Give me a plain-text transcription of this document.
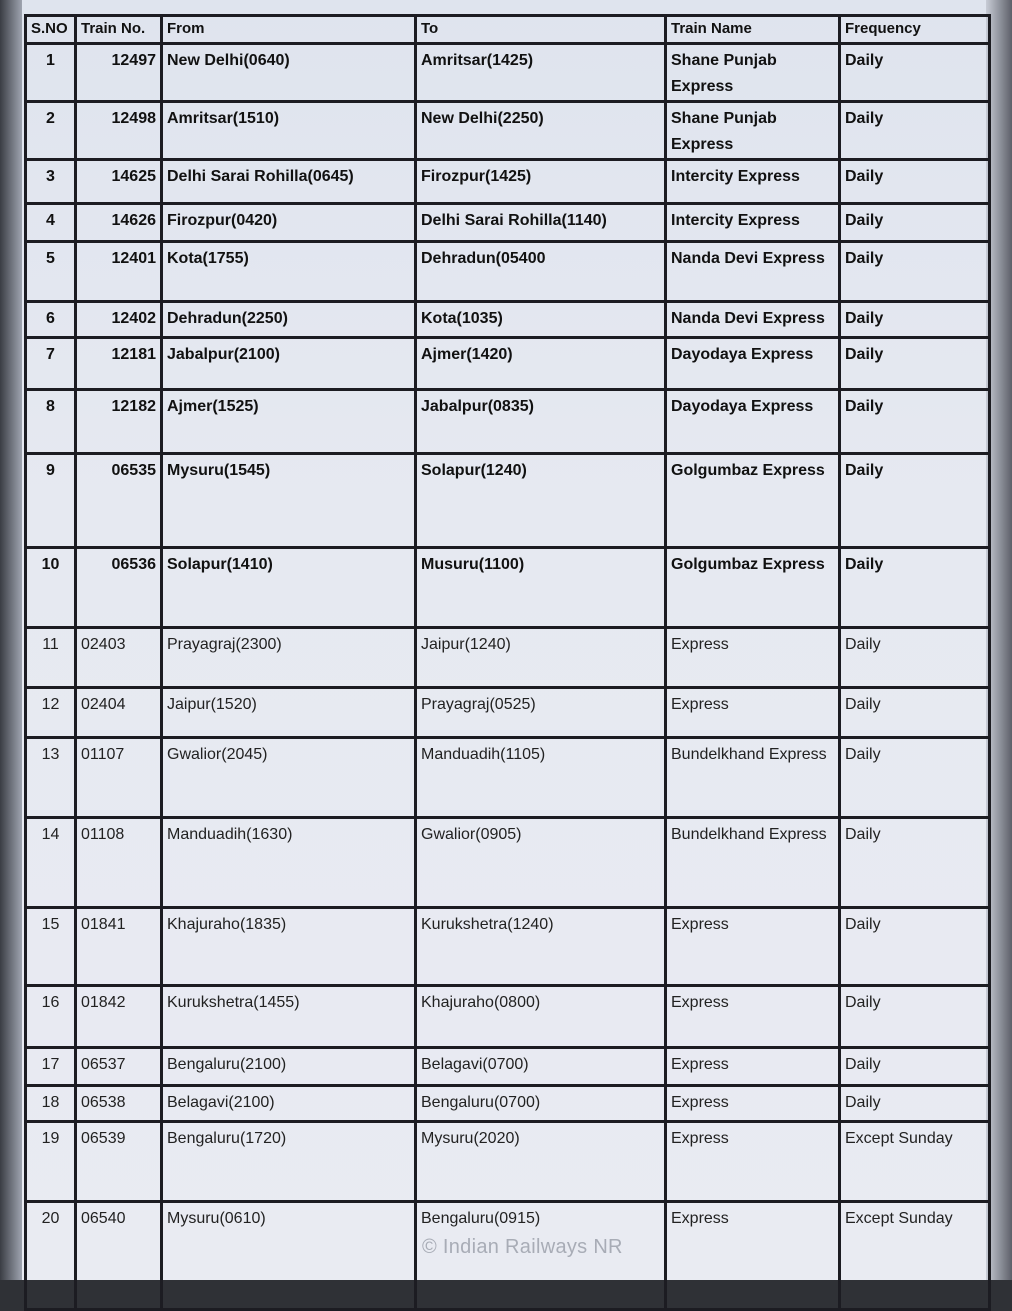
S.NO	Train No.	From	To	Train Name	Frequency
1	12497	New Delhi(0640)	Amritsar(1425)	Shane Punjab Express	Daily
2	12498	Amritsar(1510)	New Delhi(2250)	Shane Punjab Express	Daily
3	14625	Delhi Sarai Rohilla(0645)	Firozpur(1425)	Intercity Express	Daily
4	14626	Firozpur(0420)	Delhi Sarai Rohilla(1140)	Intercity Express	Daily
5	12401	Kota(1755)	Dehradun(05400	Nanda Devi Express	Daily
6	12402	Dehradun(2250)	Kota(1035)	Nanda Devi Express	Daily
7	12181	Jabalpur(2100)	Ajmer(1420)	Dayodaya Express	Daily
8	12182	Ajmer(1525)	Jabalpur(0835)	Dayodaya Express	Daily
9	06535	Mysuru(1545)	Solapur(1240)	Golgumbaz Express	Daily
10	06536	Solapur(1410)	Musuru(1100)	Golgumbaz Express	Daily
11	02403	Prayagraj(2300)	Jaipur(1240)	Express	Daily
12	02404	Jaipur(1520)	Prayagraj(0525)	Express	Daily
13	01107	Gwalior(2045)	Manduadih(1105)	Bundelkhand Express	Daily
14	01108	Manduadih(1630)	Gwalior(0905)	Bundelkhand Express	Daily
15	01841	Khajuraho(1835)	Kurukshetra(1240)	Express	Daily
16	01842	Kurukshetra(1455)	Khajuraho(0800)	Express	Daily
17	06537	Bengaluru(2100)	Belagavi(0700)	Express	Daily
18	06538	Belagavi(2100)	Bengaluru(0700)	Express	Daily
19	06539	Bengaluru(1720)	Mysuru(2020)	Express	Except Sunday
20	06540	Mysuru(0610)	Bengaluru(0915)	Express	Except Sunday
© Indian Railways NR
